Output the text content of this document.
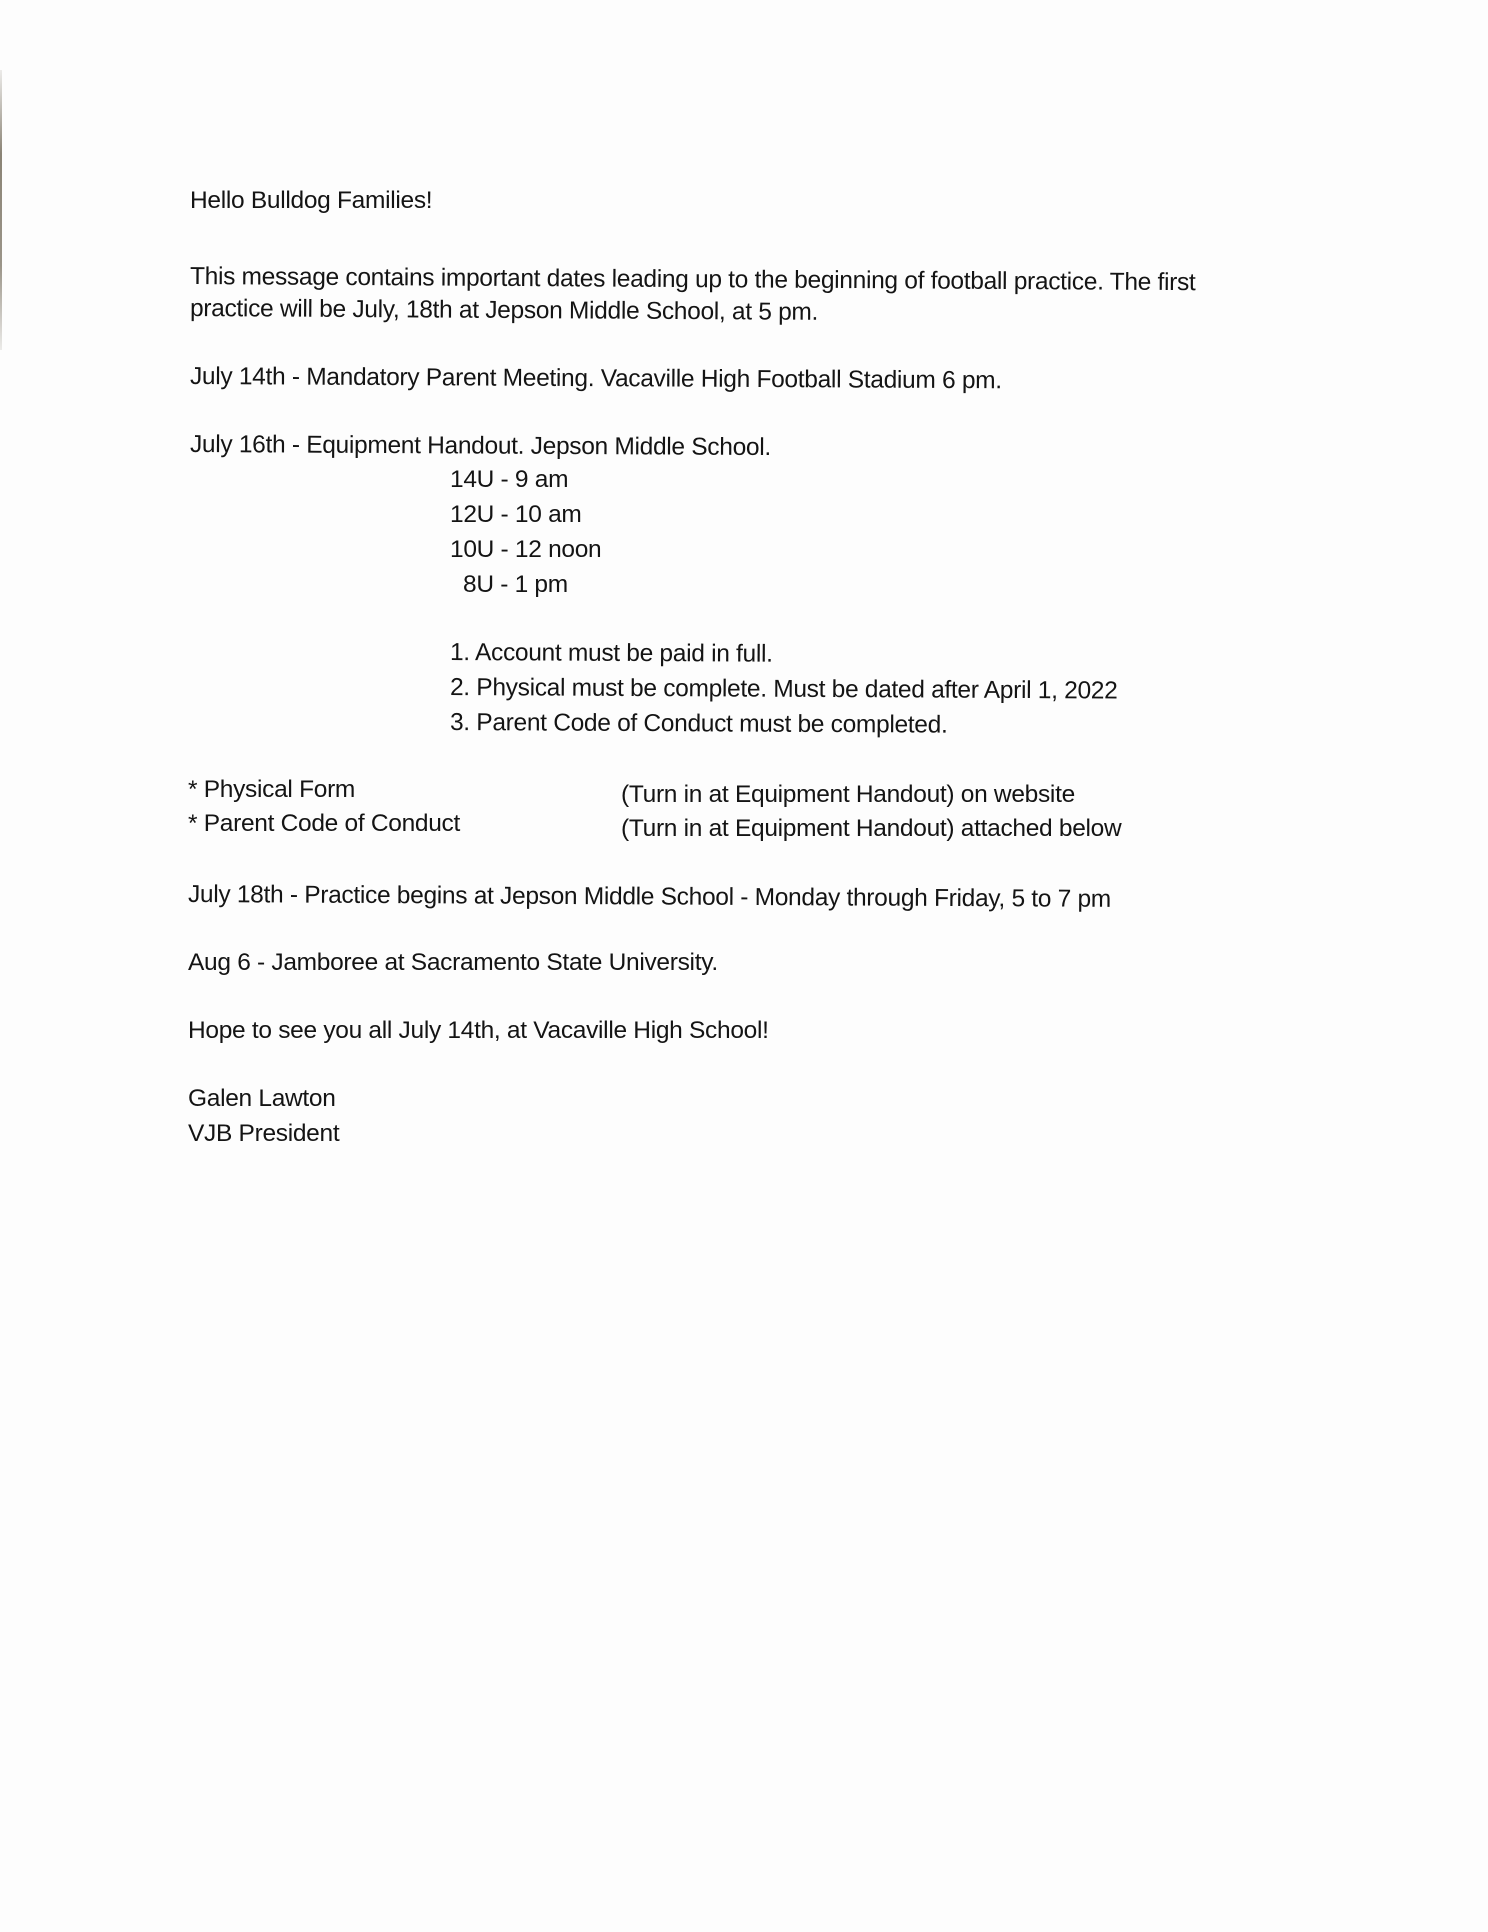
Hello Bulldog Families!
This message contains important dates leading up to the beginning of football practice. The first
practice will be July, 18th at Jepson Middle School, at 5 pm.
July 14th - Mandatory Parent Meeting. Vacaville High Football Stadium 6 pm.
July 16th - Equipment Handout. Jepson Middle School.
14U - 9 am
12U - 10 am
10U - 12 noon
8U - 1 pm
1. Account must be paid in full.
2. Physical must be complete. Must be dated after April 1, 2022
3. Parent Code of Conduct must be completed.
* Physical Form	(Turn in at Equipment Handout) on website
* Parent Code of Conduct	(Turn in at Equipment Handout) attached below
July 18th - Practice begins at Jepson Middle School - Monday through Friday, 5 to 7 pm
Aug 6 - Jamboree at Sacramento State University.
Hope to see you all July 14th, at Vacaville High School!
Galen Lawton
VJB President
